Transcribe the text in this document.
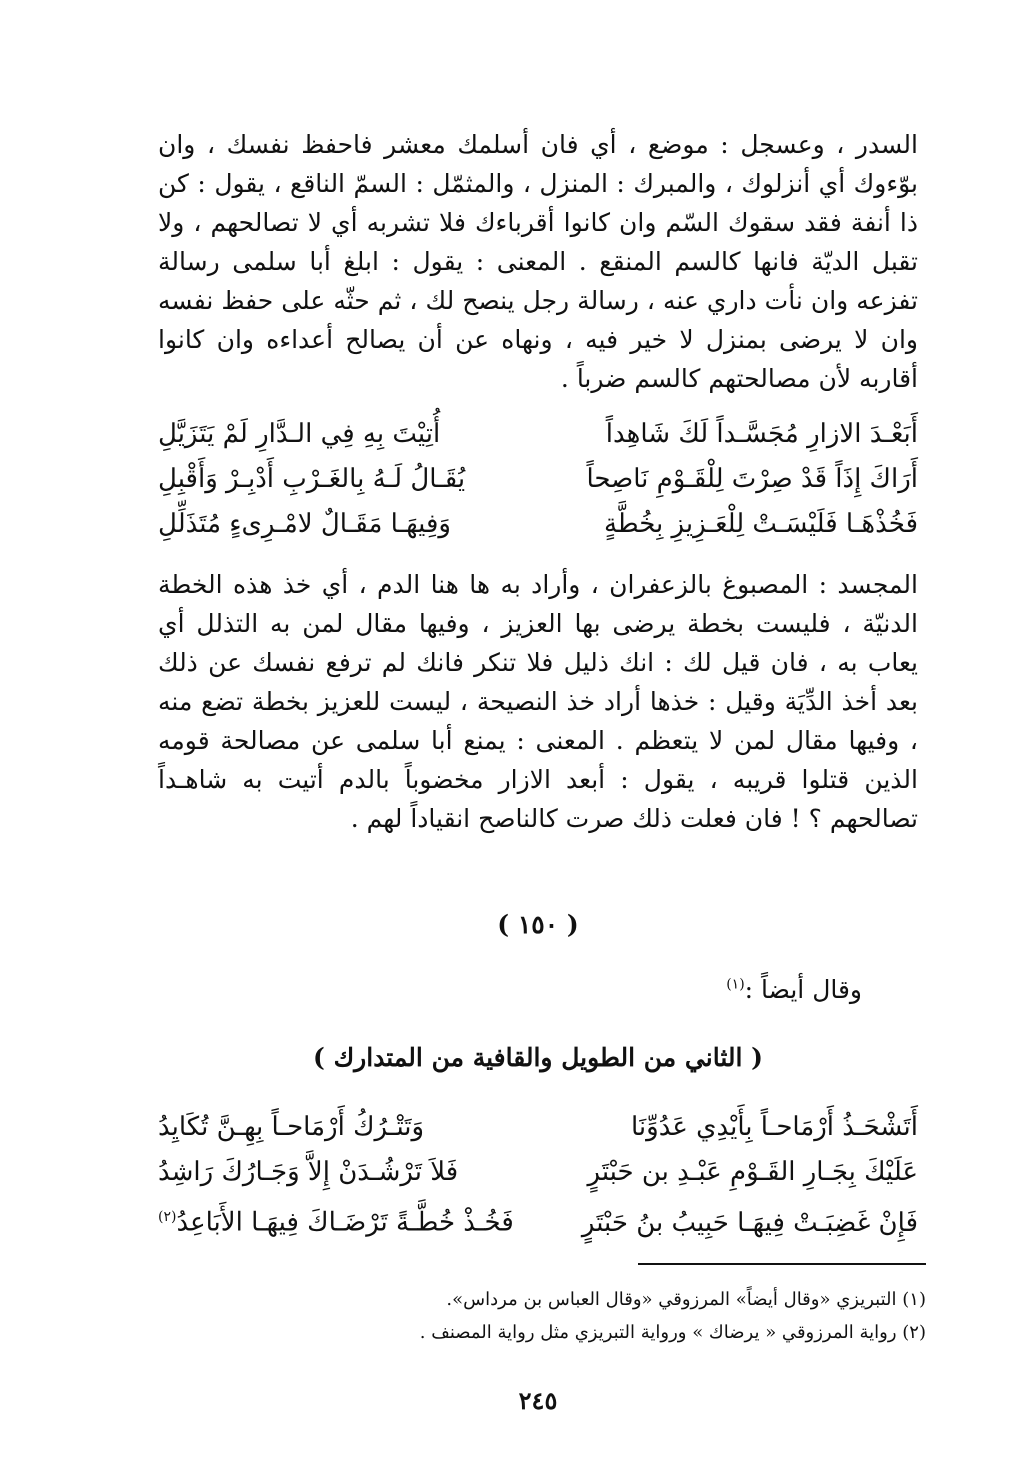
السدر ، وعسجل : موضع ، أي فان أسلمك معشر فاحفظ نفسك ، وان بوّءوك أي أنزلوك ، والمبرك : المنزل ، والمثمّل : السمّ الناقع ، يقول : كن ذا أنفة فقد سقوك السّم وان كانوا أقرباءك فلا تشربه أي لا تصالحهم ، ولا تقبل الديّة فانها كالسم المنقع . المعنى : يقول : ابلغ أبا سلمى رسالة تفزعه وان نأت داري عنه ، رسالة رجل ينصح لك ، ثم حثّه على حفظ نفسه وان لا يرضى بمنزل لا خير فيه ، ونهاه عن أن يصالح أعداءه وان كانوا أقاربه لأن مصالحتهم كالسم ضرباً .

أَبَعْـدَ الازارِ مُجَسَّـداً لَكَ شَاهِداً
أُتِيْتَ بِهِ فِي الـدَّارِ لَمْ يَتَزَيَّلِ
أَرَاكَ إِذَاً قَدْ صِرْتَ لِلْقَـوْمِ نَاصِحاً
يُقَـالُ لَـهُ بِالغَـرْبِ أَدْبِـرْ وَأَقْبِلِ
فَخُذْهَـا فَلَيْسَـتْ لِلْعَـزِيزِ بِخُطَّةٍ
وَفِيهَـا مَقَـالٌ لامْـرِىءٍ مُتَذَلِّلِ

المجسد : المصبوغ بالزعفران ، وأراد به ها هنا الدم ، أي خذ هذه الخطة الدنيّة ، فليست بخطة يرضى بها العزيز ، وفيها مقال لمن به التذلل أي يعاب به ، فان قيل لك : انك ذليل فلا تنكر فانك لم ترفع نفسك عن ذلك بعد أخذ الدِّيَة وقيل : خذها أراد خذ النصيحة ، ليست للعزيز بخطة تضع منه ، وفيها مقال لمن لا يتعظم . المعنى : يمنع أبا سلمى عن مصالحة قومه الذين قتلوا قريبه ، يقول : أبعد الازار مخضوباً بالدم أتيت به شاهـداً تصالحهم ؟ ! فان فعلت ذلك صرت كالناصح انقياداً لهم .

( ١٥٠ )
وقال أيضاً :$^{(١)}$
( الثاني من الطويل والقافية من المتدارك )
أَتَشْحَـذُ أَرْمَاحـاً بِأَيْدِي عَدُوِّنَا
وَتَتْـرُكُ أَرْمَاحـاً بِهِـنَّ تُكَايِدُ
عَلَيْكَ بِجَـارِ القَـوْمِ عَبْـدِ بن حَبْتَرٍ
فَلاَ تَرْشُـدَنْ إِلاَّ وَجَـارُكَ رَاشِدُ
فَإِنْ غَضِبَـتْ فِيهَـا حَبِيبُ بنُ حَبْتَرٍ
فَخُـذْ خُطَّـةً تَرْضَـاكَ فِيهَـا الأَبَاعِدُ$^{(٢)}$
(١) التبريزي «وقال أيضاً» المرزوقي «وقال العباس بن مرداس».
(٢) رواية المرزوقي « يرضاك » ورواية التبريزي مثل رواية المصنف .
٢٤٥
